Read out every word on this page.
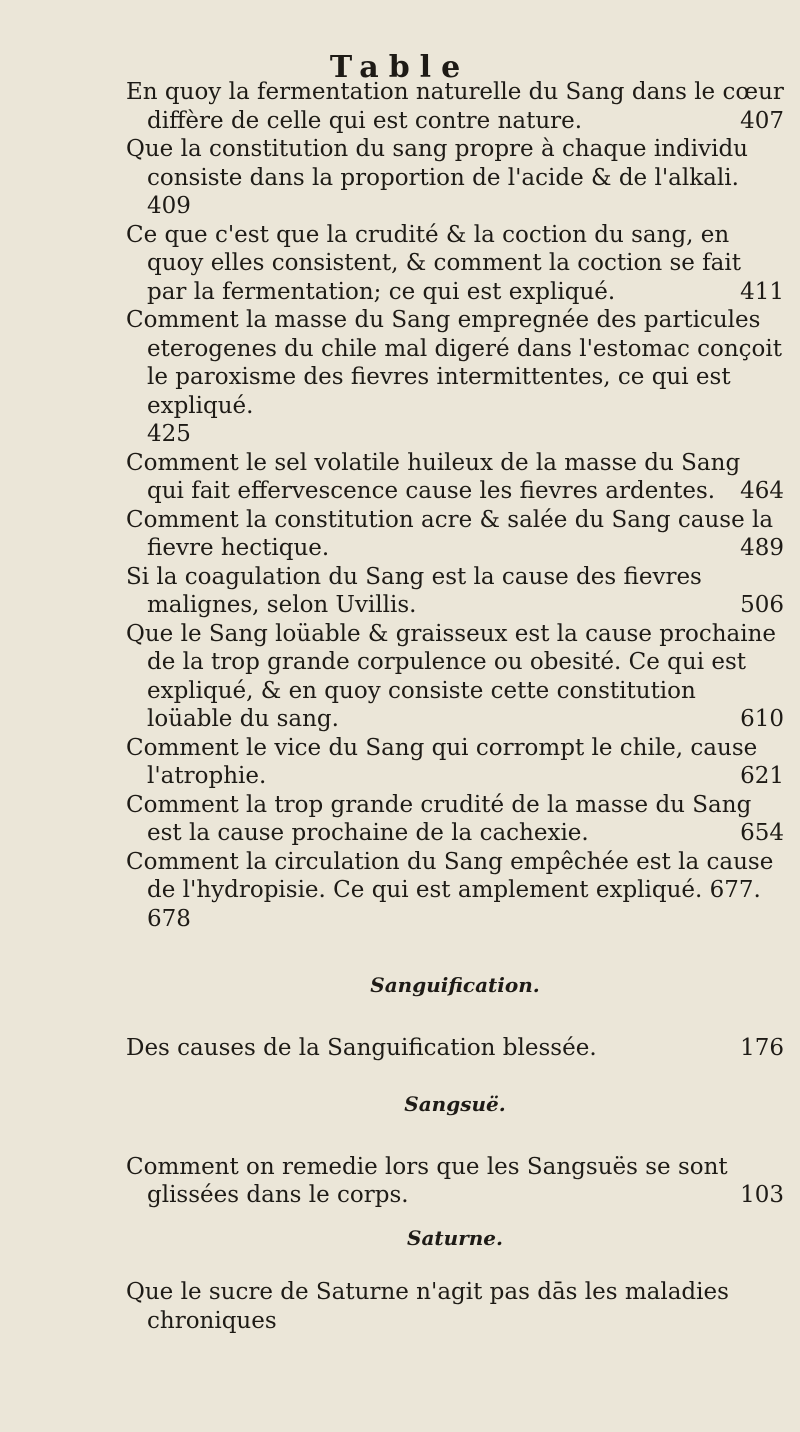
Table
En quoy la fermentation naturelle du Sang dans le cœur diffère de celle qui est contre nature.	407
Que la constitution du sang propre à chaque individu consiste dans la proportion de l'acide & de l'alkali.
409
Ce que c'est que la crudité & la coction du sang, en quoy elles consistent, & comment la coction se fait par la fermentation; ce qui est expliqué.	411
Comment la masse du Sang empregnée des particules eterogenes du chile mal digeré dans l'estomac conçoit le paroxisme des fievres intermittentes, ce qui est expliqué.
425
Comment le sel volatile huileux de la masse du Sang qui fait effervescence cause les fievres ardentes. 464
Comment la constitution acre & salée du Sang cause la fievre hectique.	489
Si la coagulation du Sang est la cause des fievres malignes, selon Uvillis.	506
Que le Sang loüable & graisseux est la cause prochaine de la trop grande corpulence ou obesité. Ce qui est expliqué, & en quoy consiste cette constitution loüable du sang.	610
Comment le vice du Sang qui corrompt le chile, cause l'atrophie.	621
Comment la trop grande crudité de la masse du Sang est la cause prochaine de la cachexie.	654
Comment la circulation du Sang empêchée est la cause de l'hydropisie. Ce qui est amplement expliqué. 677. 678
Sanguification.
Des causes de la Sanguification blessée.	176
Sangsuë.
Comment on remedie lors que les Sangsuës se sont glissées dans le corps.	103
Saturne.
Que le sucre de Saturne n'agit pas dās les maladies chroniques
